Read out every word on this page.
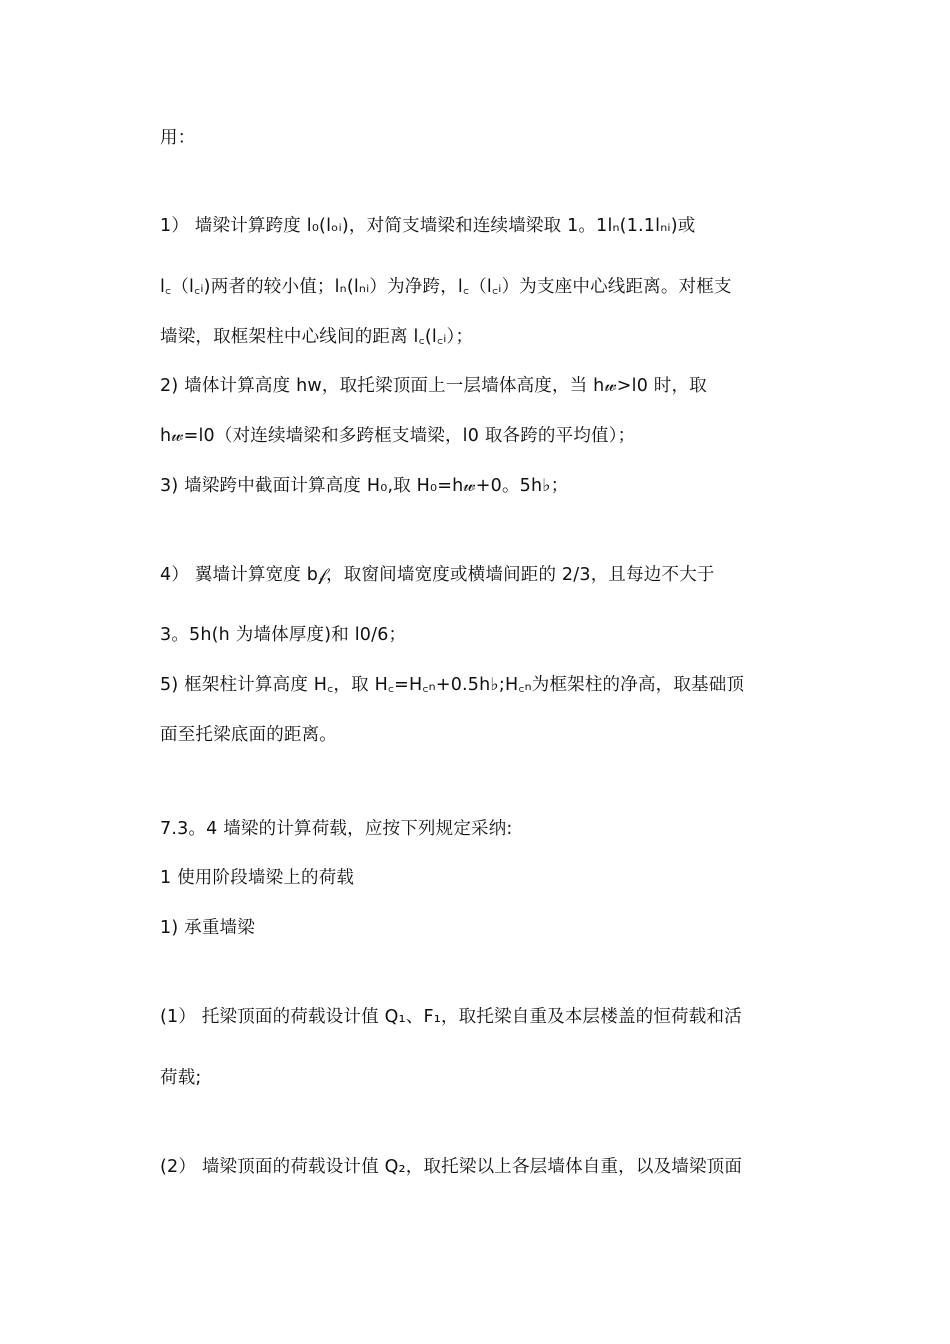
用：
1） 墙梁计算跨度 l₀(lₒᵢ)，对简支墙梁和连续墙梁取 1。1lₙ(1.1lₙᵢ)或
l꜀（l꜀ᵢ)两者的较小值；lₙ(lₙᵢ）为净跨，l꜀（l꜀ᵢ）为支座中心线距离。对框支
墙梁，取框架柱中心线间的距离 l꜀(l꜀ᵢ）；
2) 墙体计算高度 hw，取托梁顶面上一层墙体高度，当 h𝓌>l0 时，取
h𝓌=l0（对连续墙梁和多跨框支墙梁，l0 取各跨的平均值）；
3) 墙梁跨中截面计算高度 H₀,取 H₀=h𝓌+0。5h♭；
4） 翼墙计算宽度 b𝒻，取窗间墙宽度或横墙间距的 2/3，且每边不大于
3。5h(h 为墙体厚度)和 l0/6；
5) 框架柱计算高度 H꜀，取 H꜀=H꜀ₙ+0.5h♭;H꜀ₙ为框架柱的净高，取基础顶
面至托梁底面的距离。
7.3。4 墙梁的计算荷载，应按下列规定采纳:
1 使用阶段墙梁上的荷载
1) 承重墙梁
(1） 托梁顶面的荷载设计值 Q₁、F₁，取托梁自重及本层楼盖的恒荷载和活
荷载;
(2） 墙梁顶面的荷载设计值 Q₂，取托梁以上各层墙体自重，以及墙梁顶面
